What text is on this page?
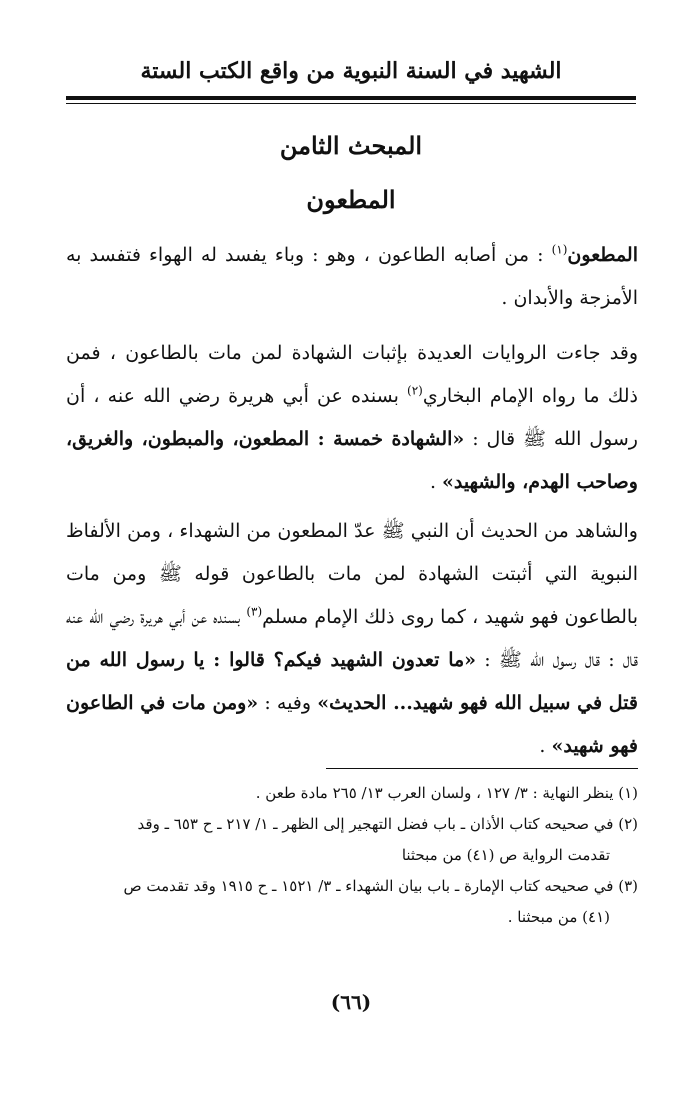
الشهيد في السنة النبوية من واقع الكتب الستة
المبحث الثامن
المطعون

المطعون$^{(١)}$ : من أصابه الطاعون ، وهو : وباء يفسد له الهواء فتفسد به الأمزجة والأبدان .

وقد جاءت الروايات العديدة بإثبات الشهادة لمن مات بالطاعون ، فمن ذلك ما رواه الإمام البخاري$^{(٢)}$ بسنده عن أبي هريرة رضي الله عنه ، أن رسول الله ﷺ قال : «الشهادة خمسة : المطعون، والمبطون، والغريق، وصاحب الهدم، والشهيد» .

والشاهد من الحديث أن النبي ﷺ عدّ المطعون من الشهداء ، ومن الألفاظ النبوية التي أثبتت الشهادة لمن مات بالطاعون قوله ﷺ ومن مات بالطاعون فهو شهيد ، كما روى ذلك الإمام مسلم$^{(٣)}$ بسنده عن أبي هريرة رضي الله عنه قال : قال رسول الله ﷺ : «ما تعدون الشهيد فيكم؟ قالوا : يا رسول الله من قتل في سبيل الله فهو شهيد... الحديث» وفيه : «ومن مات في الطاعون فهو شهيد» .

(١) ينظر النهاية : ٣/ ١٢٧ ، ولسان العرب ١٣/ ٢٦٥ مادة طعن .

(٢) في صحيحه كتاب الأذان ـ باب فضل التهجير إلى الظهر ـ ١/ ٢١٧ ـ ح ٦٥٣ ـ وقد

تقدمت الرواية ص (٤١) من مبحثنا

(٣) في صحيحه كتاب الإمارة ـ باب بيان الشهداء ـ ٣/ ١٥٢١ ـ ح ١٩١٥ وقد تقدمت ص

(٤١) من مبحثنا .

(٦٦)
